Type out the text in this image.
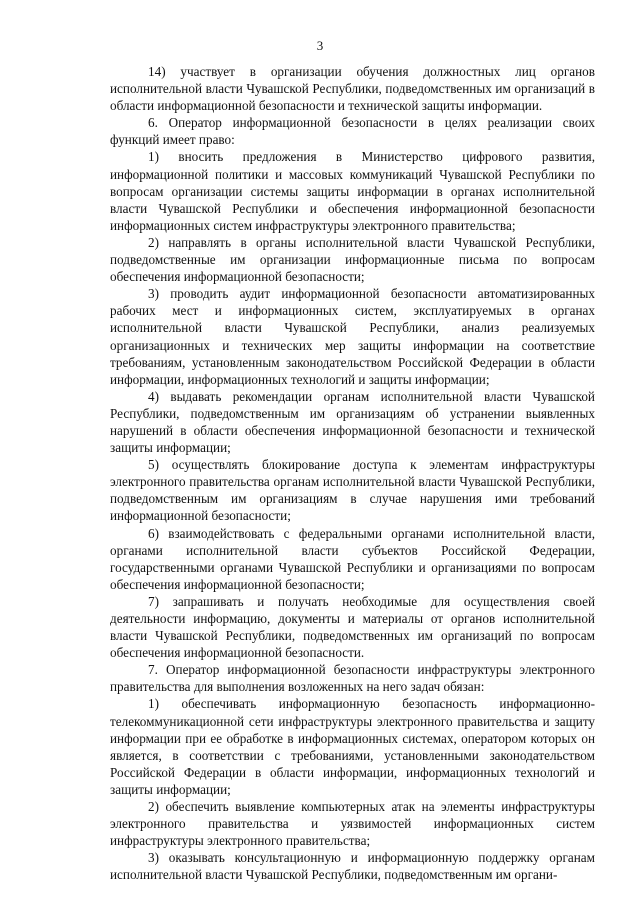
3

14) участвует в организации обучения должностных лиц органов исполнительной власти Чувашской Республики, подведомственных им организаций в области информационной безопасности и технической защиты информации.

6. Оператор информационной безопасности в целях реализации своих функций имеет право:

1) вносить предложения в Министерство цифрового развития, информационной политики и массовых коммуникаций Чувашской Республики по вопросам организации системы защиты информации в органах исполнительной власти Чувашской Республики и обеспечения информационной безопасности информационных систем инфраструктуры электронного правительства;

2) направлять в органы исполнительной власти Чувашской Республики, подведомственные им организации информационные письма по вопросам обеспечения информационной безопасности;

3) проводить аудит информационной безопасности автоматизированных рабочих мест и информационных систем, эксплуатируемых в органах исполнительной власти Чувашской Республики, анализ реализуемых организационных и технических мер защиты информации на соответствие требованиям, установленным законодательством Российской Федерации в области информации, информационных технологий и защиты информации;

4) выдавать рекомендации органам исполнительной власти Чувашской Республики, подведомственным им организациям об устранении выявленных нарушений в области обеспечения информационной безопасности и технической защиты информации;

5) осуществлять блокирование доступа к элементам инфраструктуры электронного правительства органам исполнительной власти Чувашской Республики, подведомственным им организациям в случае нарушения ими требований информационной безопасности;

6) взаимодействовать с федеральными органами исполнительной власти, органами исполнительной власти субъектов Российской Федерации, государственными органами Чувашской Республики и организациями по вопросам обеспечения информационной безопасности;

7) запрашивать и получать необходимые для осуществления своей деятельности информацию, документы и материалы от органов исполнительной власти Чувашской Республики, подведомственных им организаций по вопросам обеспечения информационной безопасности.

7. Оператор информационной безопасности инфраструктуры электронного правительства для выполнения возложенных на него задач обязан:

1) обеспечивать информационную безопасность информационно-телекоммуникационной сети инфраструктуры электронного правительства и защиту информации при ее обработке в информационных системах, оператором которых он является, в соответствии с требованиями, установленными законодательством Российской Федерации в области информации, информационных технологий и защиты информации;

2) обеспечить выявление компьютерных атак на элементы инфраструктуры электронного правительства и уязвимостей информационных систем инфраструктуры электронного правительства;

3) оказывать консультационную и информационную поддержку органам исполнительной власти Чувашской Республики, подведомственным им органи-
